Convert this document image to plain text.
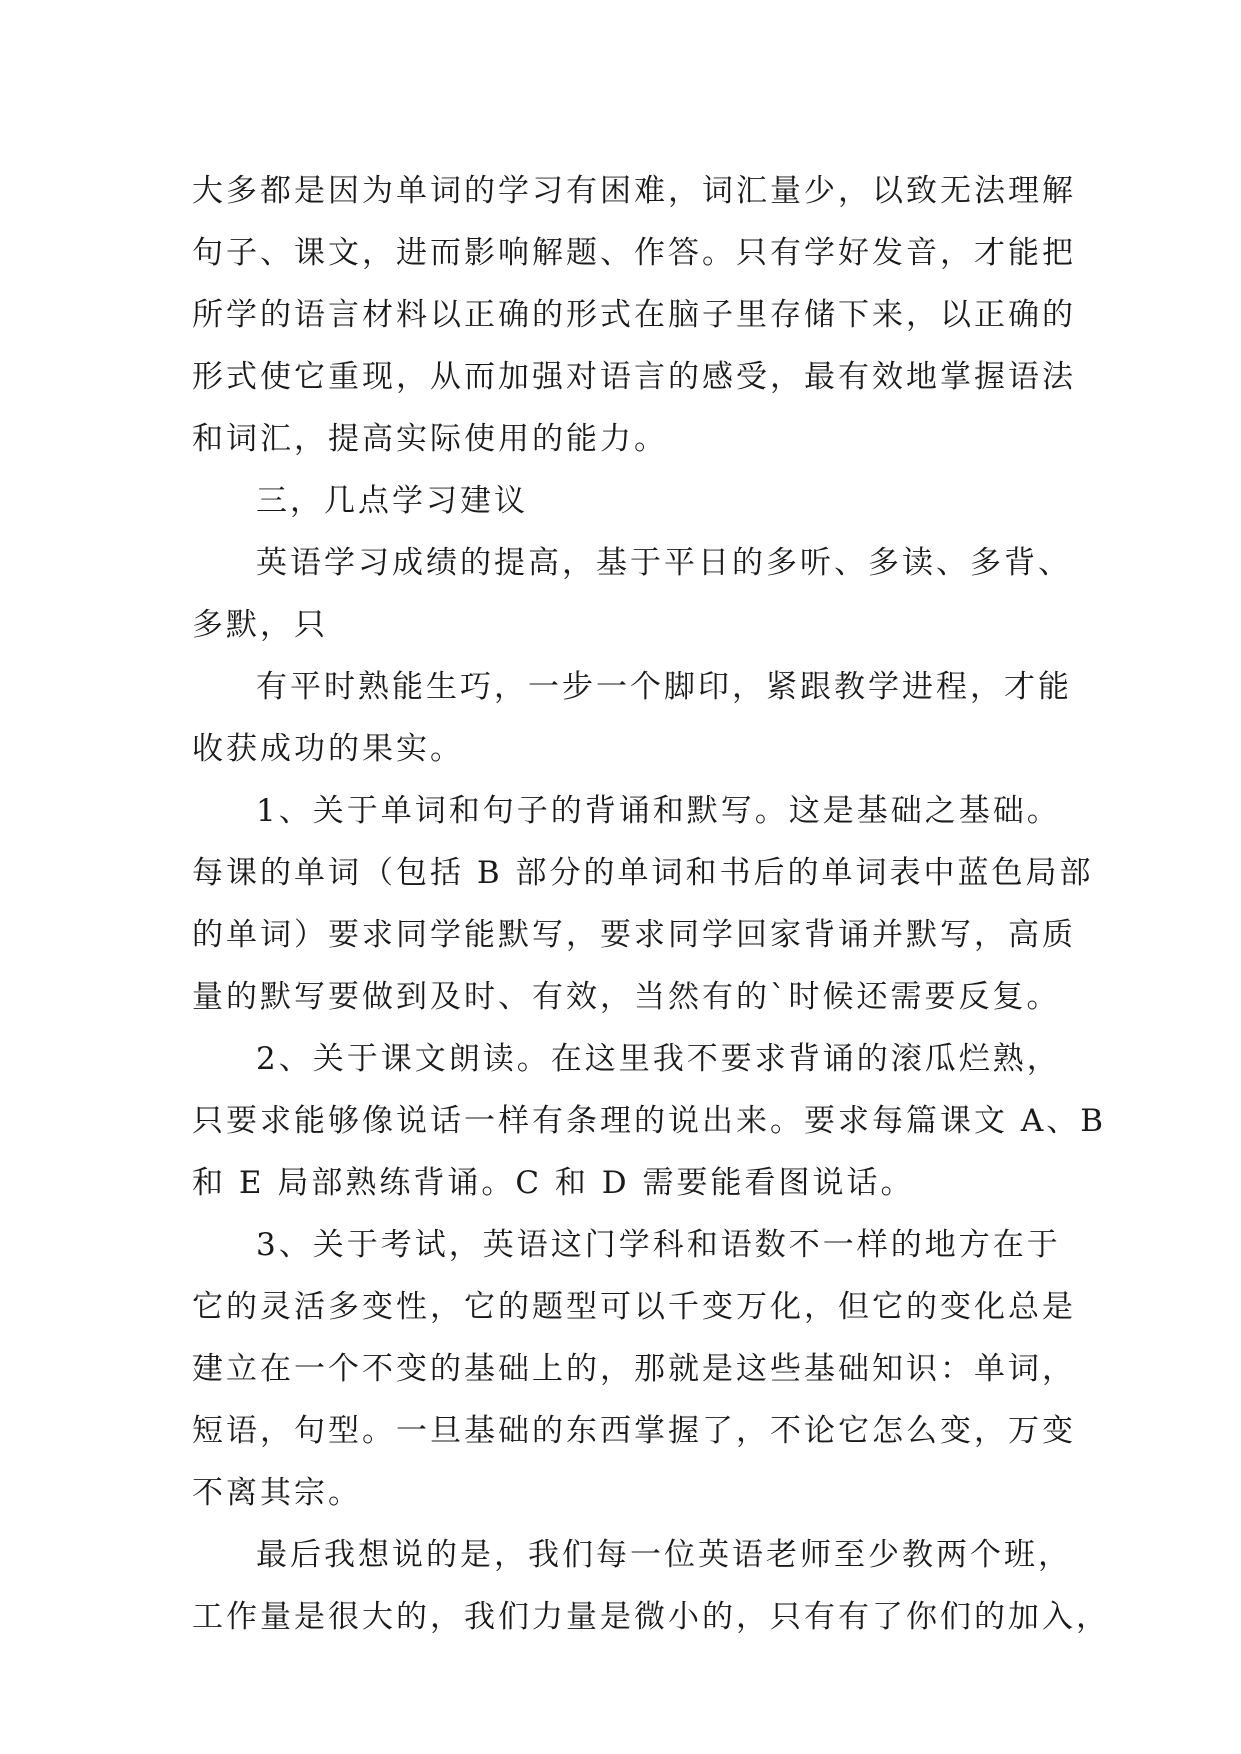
大多都是因为单词的学习有困难，词汇量少，以致无法理解
句子、课文，进而影响解题、作答。只有学好发音，才能把
所学的语言材料以正确的形式在脑子里存储下来，以正确的
形式使它重现，从而加强对语言的感受，最有效地掌握语法
和词汇，提高实际使用的能力。
三，几点学习建议
英语学习成绩的提高，基于平日的多听、多读、多背、
多默，只
有平时熟能生巧，一步一个脚印，紧跟教学进程，才能
收获成功的果实。
1、关于单词和句子的背诵和默写。这是基础之基础。
每课的单词（包括 B 部分的单词和书后的单词表中蓝色局部
的单词）要求同学能默写，要求同学回家背诵并默写，高质
量的默写要做到及时、有效，当然有的`时候还需要反复。
2、关于课文朗读。在这里我不要求背诵的滚瓜烂熟，
只要求能够像说话一样有条理的说出来。要求每篇课文 A、B
和 E 局部熟练背诵。C 和 D 需要能看图说话。
3、关于考试，英语这门学科和语数不一样的地方在于
它的灵活多变性，它的题型可以千变万化，但它的变化总是
建立在一个不变的基础上的，那就是这些基础知识：单词，
短语，句型。一旦基础的东西掌握了，不论它怎么变，万变
不离其宗。
最后我想说的是，我们每一位英语老师至少教两个班，
工作量是很大的，我们力量是微小的，只有有了你们的加入，
